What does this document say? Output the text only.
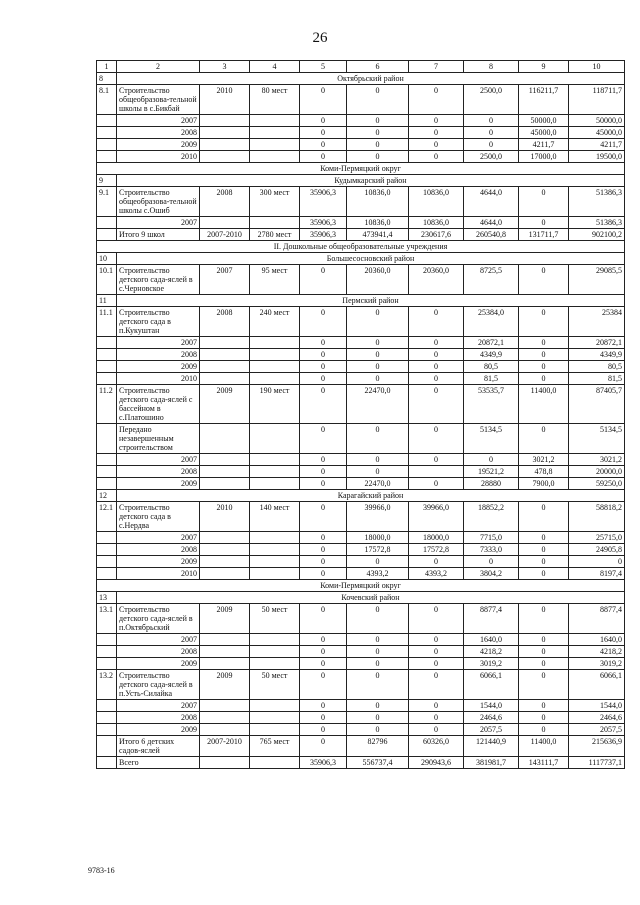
26
1	2	3	4	5	6	7	8	9	10
8	Октябрьский район								
8.1	Строительство общеобразова-тельной школы в с.Бикбай	2010	80 мест	0	0	0	2500,0	116211,7	118711,7
	2007			0	0	0	0	50000,0	50000,0
	2008			0	0	0	0	45000,0	45000,0
	2009			0	0	0	0	4211,7	4211,7
	2010			0	0	0	2500,0	17000,0	19500,0
Коми-Пермяцкий округ									
9	Кудымкарский район								
9.1	Строительство общеобразова-тельной школы с.Ошиб	2008	300 мест	35906,3	10836,0	10836,0	4644,0	0	51386,3
	2007			35906,3	10836,0	10836,0	4644,0	0	51386,3
	Итого 9 школ	2007-2010	2780 мест	35906,3	473941,4	230617,6	260540,8	131711,7	902100,2
II. Дошкольные общеобразовательные учреждения									
10	Большесосновский район								
10.1	Строительство детского сада-яслей в с.Черновское	2007	95 мест	0	20360,0	20360,0	8725,5	0	29085,5
11	Пермский район								
11.1	Строительство детского сада в п.Кукуштан	2008	240 мест	0	0	0	25384,0	0	25384
	2007			0	0	0	20872,1	0	20872,1
	2008			0	0	0	4349,9	0	4349,9
	2009			0	0	0	80,5	0	80,5
	2010			0	0	0	81,5	0	81,5
11.2	Строительство детского сада-яслей с бассейном в с.Платошино	2009	190 мест	0	22470,0	0	53535,7	11400,0	87405,7
	Передано незавершенным строительством			0	0	0	5134,5	0	5134,5
	2007			0	0	0	0	3021,2	3021,2
	2008			0	0		19521,2	478,8	20000,0
	2009			0	22470,0	0	28880	7900,0	59250,0
12	Карагайский район								
12.1	Строительство детского сада в с.Нердва	2010	140 мест	0	39966,0	39966,0	18852,2	0	58818,2
	2007			0	18000,0	18000,0	7715,0	0	25715,0
	2008			0	17572,8	17572,8	7333,0	0	24905,8
	2009			0	0	0	0	0	0
	2010			0	4393,2	4393,2	3804,2	0	8197,4
Коми-Пермяцкий округ									
13	Кочевский район								
13.1	Строительство детского сада-яслей в п.Октябрьский	2009	50 мест	0	0	0	8877,4	0	8877,4
	2007			0	0	0	1640,0	0	1640,0
	2008			0	0	0	4218,2	0	4218,2
	2009			0	0	0	3019,2	0	3019,2
13.2	Строительство детского сада-яслей в п.Усть-Силайка	2009	50 мест	0	0	0	6066,1	0	6066,1
	2007			0	0	0	1544,0	0	1544,0
	2008			0	0	0	2464,6	0	2464,6
	2009			0	0	0	2057,5	0	2057,5
	Итого 6 детских садов-яслей	2007-2010	765 мест	0	82796	60326,0	121440,9	11400,0	215636,9
	Всего			35906,3	556737,4	290943,6	381981,7	143111,7	1117737,1
9783-16
